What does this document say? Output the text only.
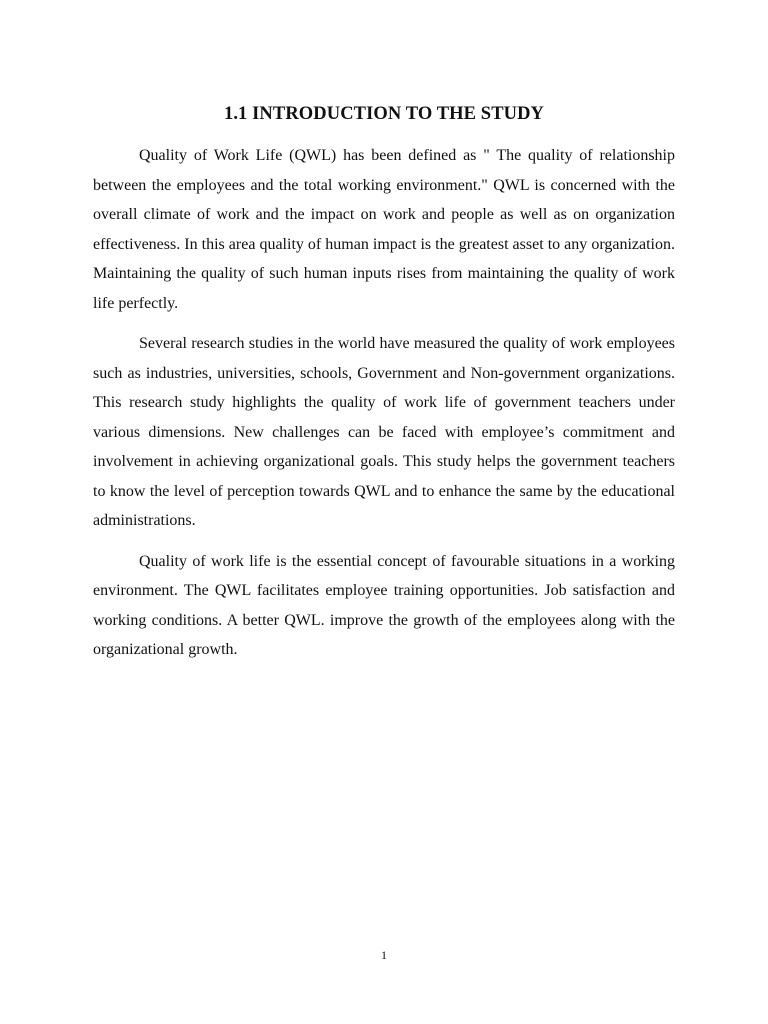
1.1 INTRODUCTION TO THE STUDY

Quality of Work Life (QWL) has been defined as " The quality of relationship between the employees and the total working environment." QWL is concerned with the overall climate of work and the impact on work and people as well as on organization effectiveness. In this area quality of human impact is the greatest asset to any organization. Maintaining the quality of such human inputs rises from maintaining the quality of work life perfectly.

Several research studies in the world have measured the quality of work employees such as industries, universities, schools, Government and Non-government organizations. This research study highlights the quality of work life of government teachers under various dimensions. New challenges can be faced with employee’s commitment and involvement in achieving organizational goals. This study helps the government teachers to know the level of perception towards QWL and to enhance the same by the educational administrations.

Quality of work life is the essential concept of favourable situations in a working environment. The QWL facilitates employee training opportunities. Job satisfaction and working conditions. A better QWL. improve the growth of the employees along with the organizational growth.

1
